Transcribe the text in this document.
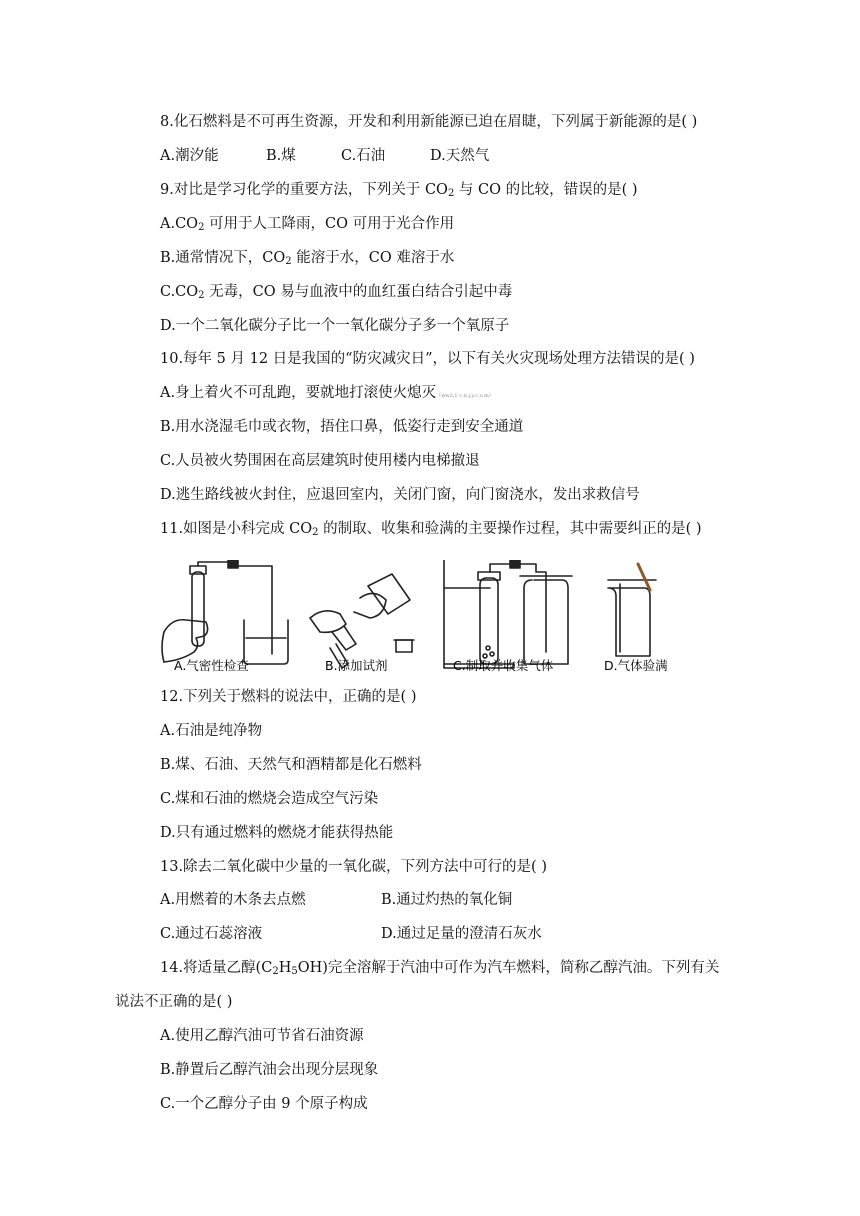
8.化石燃料是不可再生资源，开发和利用新能源已迫在眉睫，下列属于新能源的是( )
A.潮汐能	B.煤	C.石油	D.天然气
9.对比是学习化学的重要方法，下列关于 $CO_2$ 与 CO 的比较，错误的是( )
$A.CO_2$ 可用于人工降雨，CO 可用于光合作用
B.通常情况下，$CO_2$ 能溶于水，CO 难溶于水
$C.CO_2$ 无毒，CO 易与血液中的血红蛋白结合引起中毒
D.一个二氧化碳分子比一个一氧化碳分子多一个氧原子
10.每年 5 月 12 日是我国的“防灾减灾日”，以下有关火灾现场处理方法错误的是( )
A.身上着火不可乱跑，要就地打滚使火熄灭（ww2.1 c.n.j.y.c.o.m）
B.用水浇湿毛巾或衣物，捂住口鼻，低姿行走到安全通道
C.人员被火势围困在高层建筑时使用楼内电梯撤退
D.逃生路线被火封住，应退回室内，关闭门窗，向门窗浇水，发出求救信号
11.如图是小科完成 $CO_2$ 的制取、收集和验满的主要操作过程，其中需要纠正的是( )
A.气密性检查	B.添加试剂	C.制取并收集气体	D.气体验满
12.下列关于燃料的说法中，正确的是( )
A.石油是纯净物
B.煤、石油、天然气和酒精都是化石燃料
C.煤和石油的燃烧会造成空气污染
D.只有通过燃料的燃烧才能获得热能
13.除去二氧化碳中少量的一氧化碳，下列方法中可行的是( )
A.用燃着的木条去点燃	B.通过灼热的氧化铜
C.通过石蕊溶液	D.通过足量的澄清石灰水
14.将适量乙醇$(C_2H_5OH)$完全溶解于汽油中可作为汽车燃料，简称乙醇汽油。下列有关
说法不正确的是( )
A.使用乙醇汽油可节省石油资源
B.静置后乙醇汽油会出现分层现象
C.一个乙醇分子由 9 个原子构成
